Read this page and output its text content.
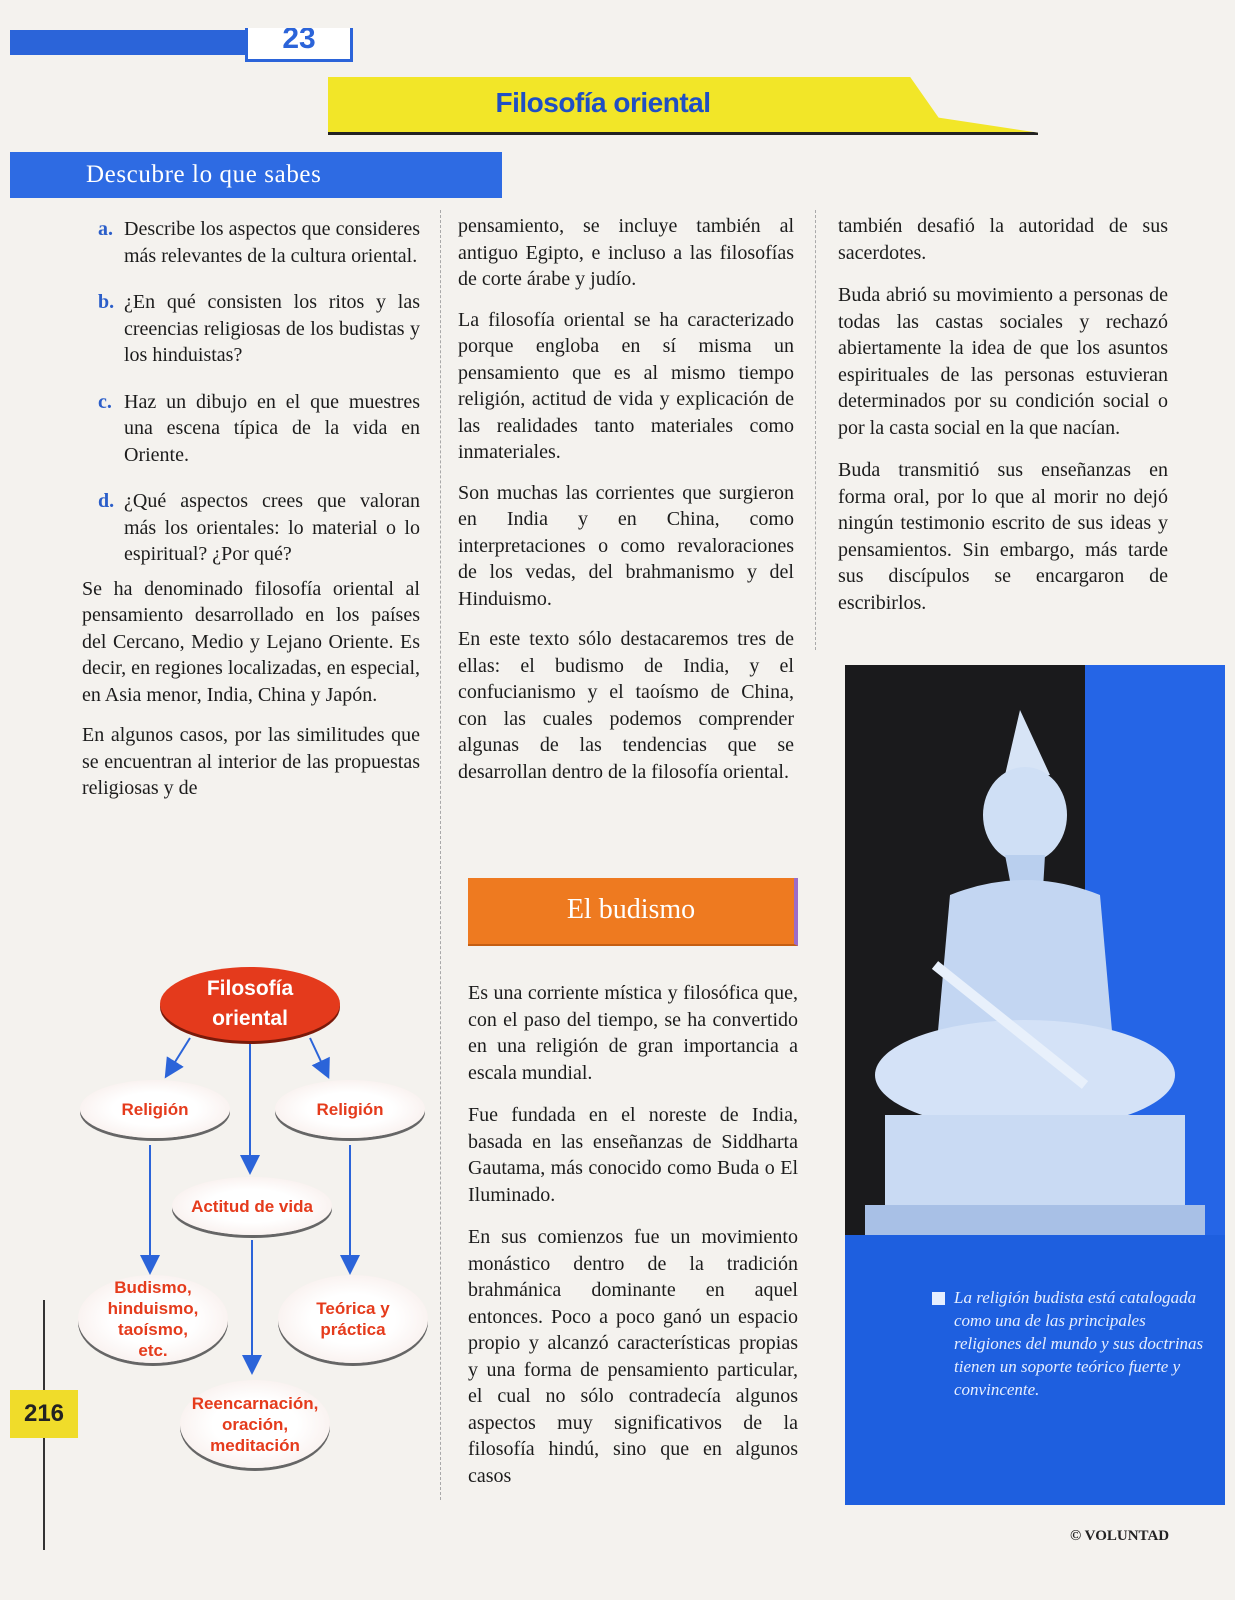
23
Filosofía oriental
Descubre lo que sabes
a. Describe los aspectos que consideres más relevantes de la cultura oriental.
b. ¿En qué consisten los ritos y las creencias religiosas de los budistas y los hinduistas?
c. Haz un dibujo en el que muestres una escena típica de la vida en Oriente.
d. ¿Qué aspectos crees que valoran más los orientales: lo material o lo espiritual? ¿Por qué?

Se ha denominado filosofía oriental al pensamiento desarrollado en los países del Cercano, Medio y Lejano Oriente. Es decir, en regiones localizadas, en especial, en Asia menor, India, China y Japón.

En algunos casos, por las similitudes que se encuentran al interior de las propuestas religiosas y de

pensamiento, se incluye también al antiguo Egipto, e incluso a las filosofías de corte árabe y judío.

La filosofía oriental se ha caracterizado porque engloba en sí misma un pensamiento que es al mismo tiempo religión, actitud de vida y explicación de las realidades tanto materiales como inmateriales.

Son muchas las corrientes que surgieron en India y en China, como interpretaciones o como revaloraciones de los vedas, del brahmanismo y del Hinduismo.

En este texto sólo destacaremos tres de ellas: el budismo de India, y el confucianismo y el taoísmo de China, con las cuales podemos comprender algunas de las tendencias que se desarrollan dentro de la filosofía oriental.

El budismo

Es una corriente mística y filosófica que, con el paso del tiempo, se ha convertido en una religión de gran importancia a escala mundial.

Fue fundada en el noreste de India, basada en las enseñanzas de Siddharta Gautama, más conocido como Buda o El Iluminado.

En sus comienzos fue un movimiento monástico dentro de la tradición brahmánica dominante en aquel entonces. Poco a poco ganó un espacio propio y alcanzó características propias y una forma de pensamiento particular, el cual no sólo contradecía algunos aspectos muy significativos de la filosofía hindú, sino que en algunos casos

también desafió la autoridad de sus sacerdotes.

Buda abrió su movimiento a personas de todas las castas sociales y rechazó abiertamente la idea de que los asuntos espirituales de las personas estuvieran determinados por su condición social o por la casta social en la que nacían.

Buda transmitió sus enseñanzas en forma oral, por lo que al morir no dejó ningún testimonio escrito de sus ideas y pensamientos. Sin embargo, más tarde sus discípulos se encargaron de escribirlos.

La religión budista está catalogada como una de las principales religiones del mundo y sus doctrinas tienen un soporte teórico fuerte y convincente.
Filosofía oriental
Religión	Religión
Actitud de vida
Budismo, hinduismo, taoísmo, etc.
Teórica y práctica
Reencarnación, oración, meditación
216
© VOLUNTAD
